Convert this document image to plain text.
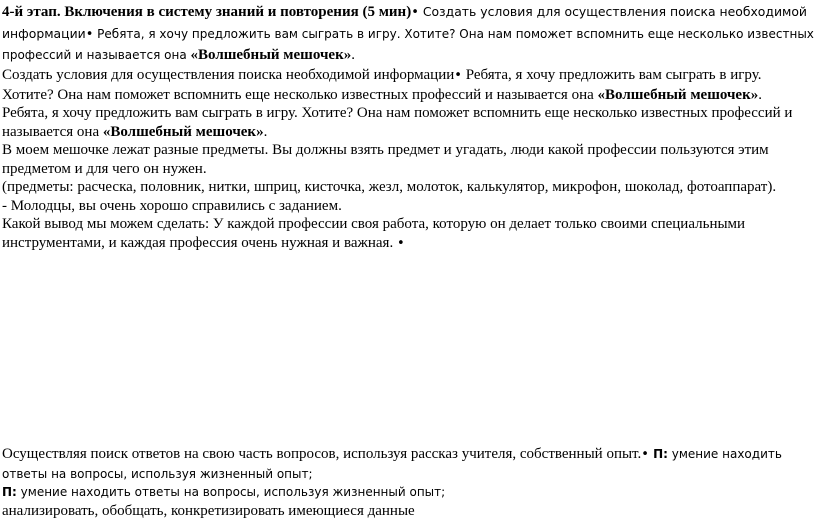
4-й этап. Включения в систему знаний и повторения (5 мин)• Создать условия для осуществления поиска необходимой информации• Ребята, я хочу предложить вам сыграть в игру. Хотите? Она нам поможет вспомнить еще несколько известных профессий и называется она «Волшебный мешочек».

Создать условия для осуществления поиска необходимой информации• Ребята, я хочу предложить вам сыграть в игру. Хотите? Она нам поможет вспомнить еще несколько известных профессий и называется она «Волшебный мешочек».

Ребята, я хочу предложить вам сыграть в игру. Хотите? Она нам поможет вспомнить еще несколько известных профессий и называется она «Волшебный мешочек».

В моем мешочке лежат разные предметы. Вы должны взять предмет и угадать, люди какой профессии пользуются этим предметом и для чего он нужен.

(предметы: расческа, половник, нитки, шприц, кисточка, жезл, молоток, калькулятор, микрофон, шоколад, фотоаппарат).

- Молодцы, вы очень хорошо справились с заданием.

Какой вывод мы можем сделать: У каждой профессии своя работа, которую он делает только своими специальными инструментами, и каждая профессия очень нужная и важная. •

Осуществляя поиск ответов на свою часть вопросов, используя рассказ учителя, собственный опыт.• П: умение находить ответы на вопросы, используя жизненный опыт;

П: умение находить ответы на вопросы, используя жизненный опыт;

анализировать, обобщать, конкретизировать имеющиеся данные
